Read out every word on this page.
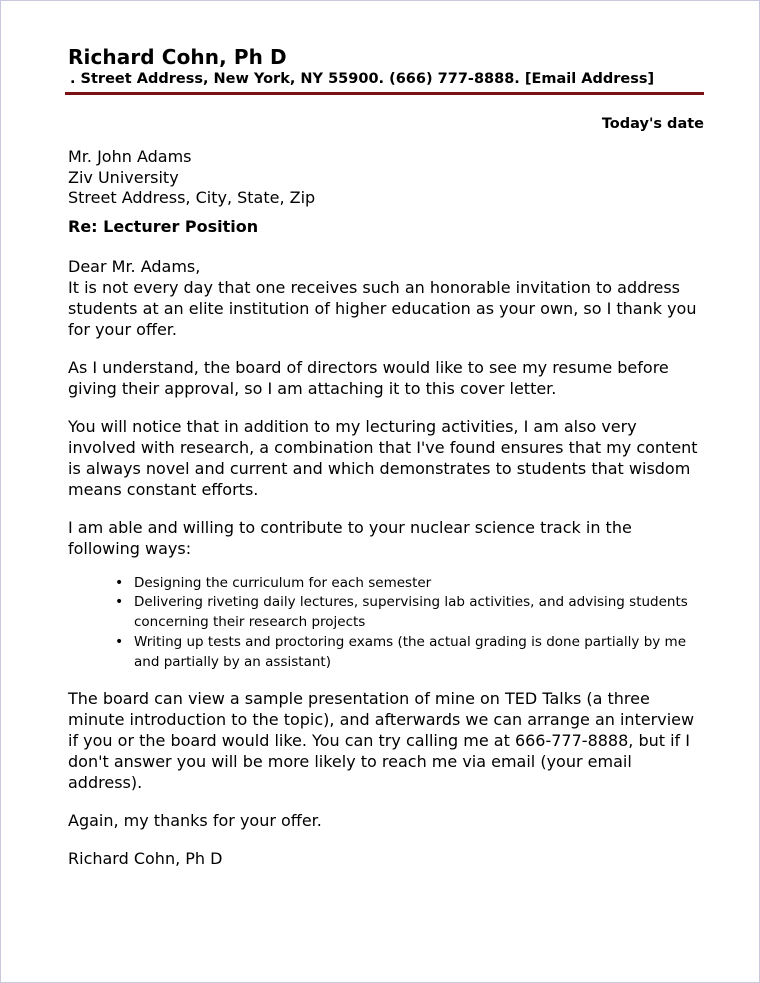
Richard Cohn, Ph D
. Street Address, New York, NY 55900. (666) 777-8888. [Email Address]
Today's date
Mr. John Adams
Ziv University
Street Address, City, State, Zip
Re: Lecturer Position
Dear Mr. Adams,

It is not every day that one receives such an honorable invitation to address students at an elite institution of higher education as your own, so I thank you for your offer.

As I understand, the board of directors would like to see my resume before giving their approval, so I am attaching it to this cover letter.

You will notice that in addition to my lecturing activities, I am also very involved with research, a combination that I've found ensures that my content is always novel and current and which demonstrates to students that wisdom means constant efforts.

I am able and willing to contribute to your nuclear science track in the following ways:

• Designing the curriculum for each semester
• Delivering riveting daily lectures, supervising lab activities, and advising students concerning their research projects
• Writing up tests and proctoring exams (the actual grading is done partially by me and partially by an assistant)

The board can view a sample presentation of mine on TED Talks (a three minute introduction to the topic), and afterwards we can arrange an interview if you or the board would like. You can try calling me at 666-777-8888, but if I don't answer you will be more likely to reach me via email (your email address).

Again, my thanks for your offer.
Richard Cohn, Ph D
